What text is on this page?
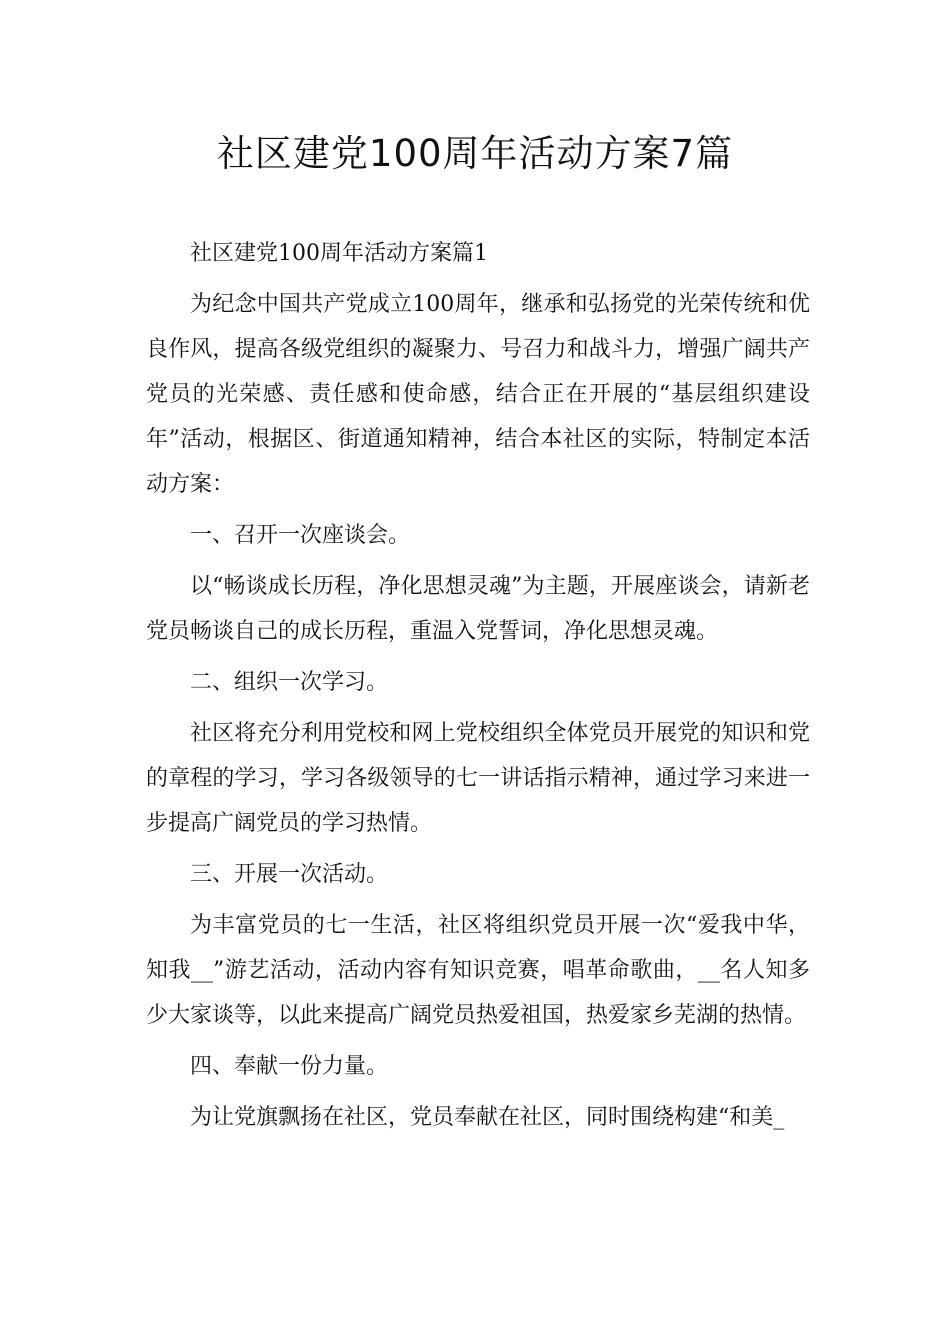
社区建党100周年活动方案7篇

社区建党100周年活动方案篇1

为纪念中国共产党成立100周年，继承和弘扬党的光荣传统和优良作风，提高各级党组织的凝聚力、号召力和战斗力，增强广阔共产党员的光荣感、责任感和使命感，结合正在开展的“基层组织建设年”活动，根据区、街道通知精神，结合本社区的实际，特制定本活动方案：

一、召开一次座谈会。

以“畅谈成长历程，净化思想灵魂”为主题，开展座谈会，请新老党员畅谈自己的成长历程，重温入党誓词，净化思想灵魂。

二、组织一次学习。

社区将充分利用党校和网上党校组织全体党员开展党的知识和党的章程的学习，学习各级领导的七一讲话指示精神，通过学习来进一步提高广阔党员的学习热情。

三、开展一次活动。

为丰富党员的七一生活，社区将组织党员开展一次“爱我中华，知我__”游艺活动，活动内容有知识竞赛，唱革命歌曲，__名人知多少大家谈等，以此来提高广阔党员热爱祖国，热爱家乡芜湖的热情。

四、奉献一份力量。

为让党旗飘扬在社区，党员奉献在社区，同时围绕构建“和美_
